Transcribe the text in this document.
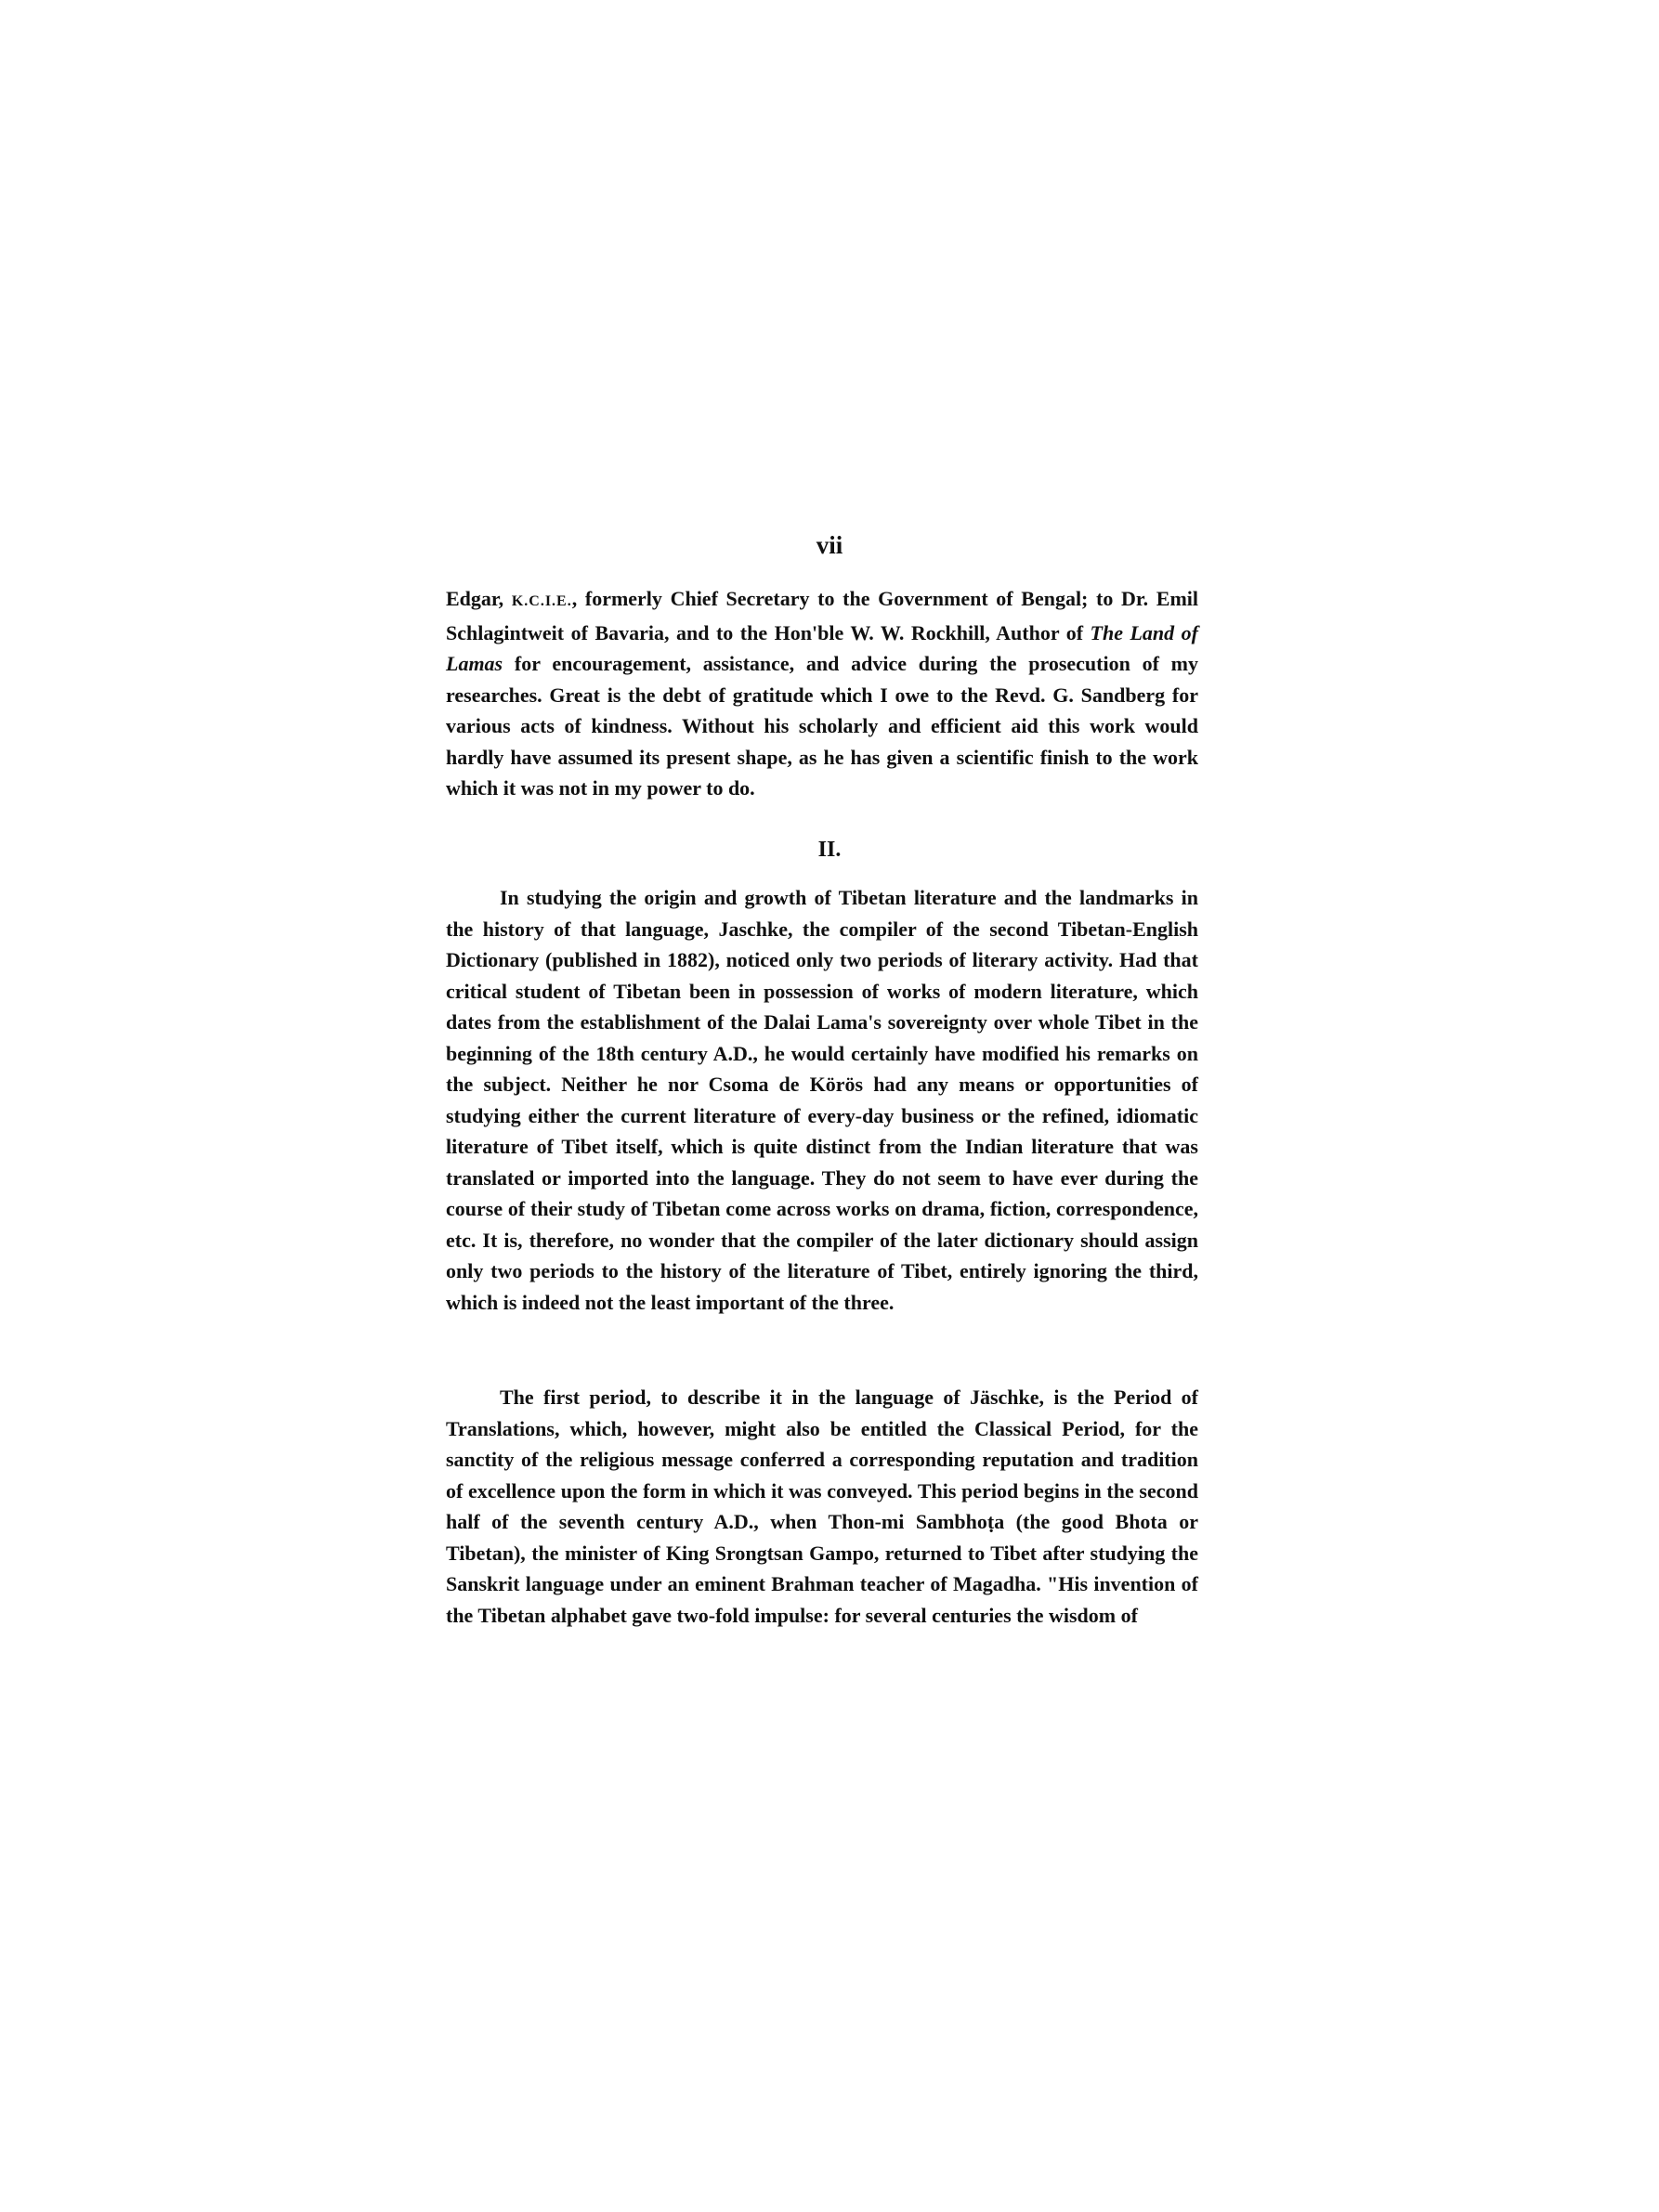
vii
Edgar, K.C.I.E., formerly Chief Secretary to the Government of Bengal; to Dr. Emil Schlagintweit of Bavaria, and to the Hon'ble W. W. Rockhill, Author of The Land of Lamas for encouragement, assistance, and advice during the prosecution of my researches. Great is the debt of gratitude which I owe to the Revd. G. Sandberg for various acts of kindness. Without his scholarly and efficient aid this work would hardly have assumed its present shape, as he has given a scientific finish to the work which it was not in my power to do.
II.
In studying the origin and growth of Tibetan literature and the landmarks in the history of that language, Jaschke, the compiler of the second Tibetan-English Dictionary (published in 1882), noticed only two periods of literary activity. Had that critical student of Tibetan been in possession of works of modern literature, which dates from the establishment of the Dalai Lama's sovereignty over whole Tibet in the beginning of the 18th century A.D., he would certainly have modified his remarks on the subject. Neither he nor Csoma de Körös had any means or opportunities of studying either the current literature of every-day business or the refined, idiomatic literature of Tibet itself, which is quite distinct from the Indian literature that was translated or imported into the language. They do not seem to have ever during the course of their study of Tibetan come across works on drama, fiction, correspondence, etc. It is, therefore, no wonder that the compiler of the later dictionary should assign only two periods to the history of the literature of Tibet, entirely ignoring the third, which is indeed not the least important of the three.
The first period, to describe it in the language of Jäschke, is the Period of Translations, which, however, might also be entitled the Classical Period, for the sanctity of the religious message conferred a corresponding reputation and tradition of excellence upon the form in which it was conveyed. This period begins in the second half of the seventh century A.D., when Thon-mi Sambhoṭa (the good Bhota or Tibetan), the minister of King Srongtsan Gampo, returned to Tibet after studying the Sanskrit language under an eminent Brahman teacher of Magadha. "His invention of the Tibetan alphabet gave two-fold impulse: for several centuries the wisdom of
